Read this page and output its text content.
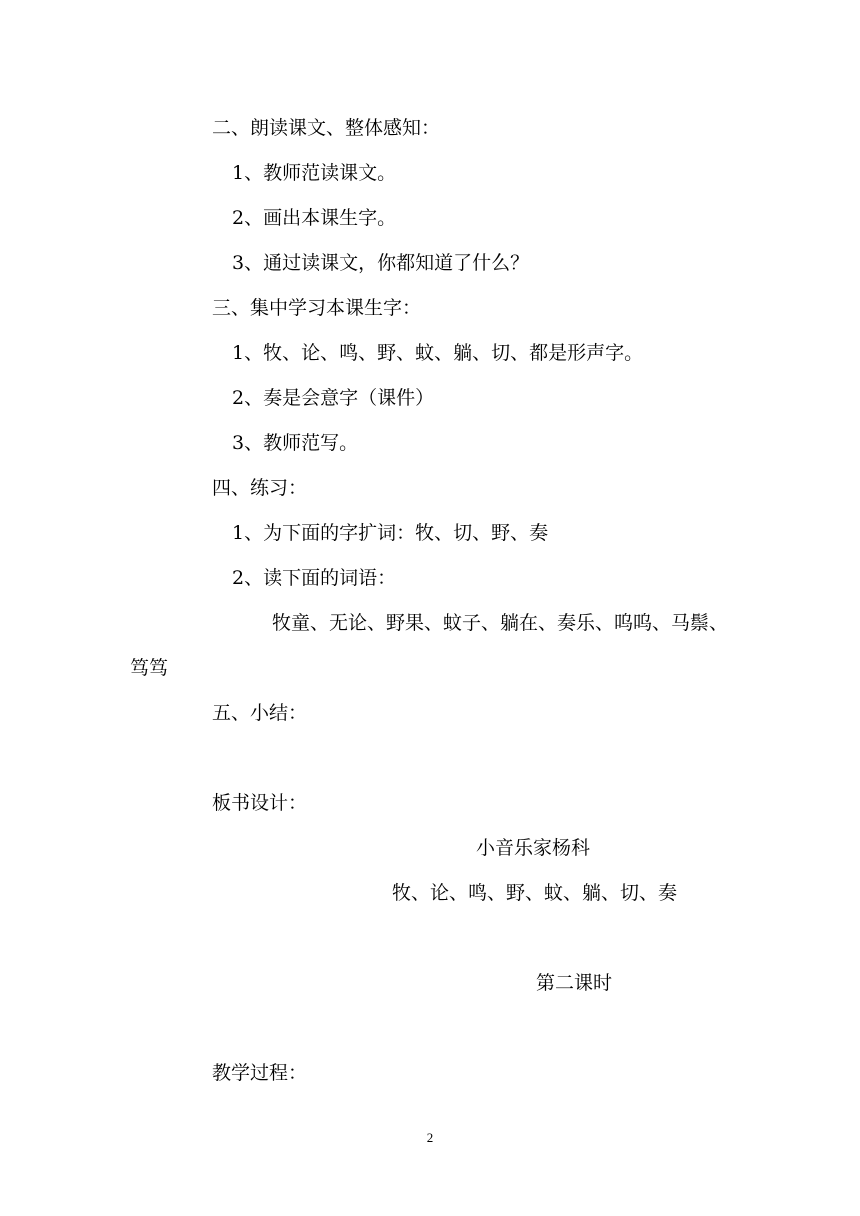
二、朗读课文、整体感知：
1、教师范读课文。
2、画出本课生字。
3、通过读课文，你都知道了什么？
三、集中学习本课生字：
1、牧、论、鸣、野、蚊、躺、切、都是形声字。
2、奏是会意字（课件）
3、教师范写。
四、练习：
1、为下面的字扩词：牧、切、野、奏
2、读下面的词语：
牧童、无论、野果、蚊子、躺在、奏乐、呜呜、马鬃、
笃笃
五、小结：
板书设计：
小音乐家杨科
牧、论、鸣、野、蚊、躺、切、奏
第二课时
教学过程：
2
